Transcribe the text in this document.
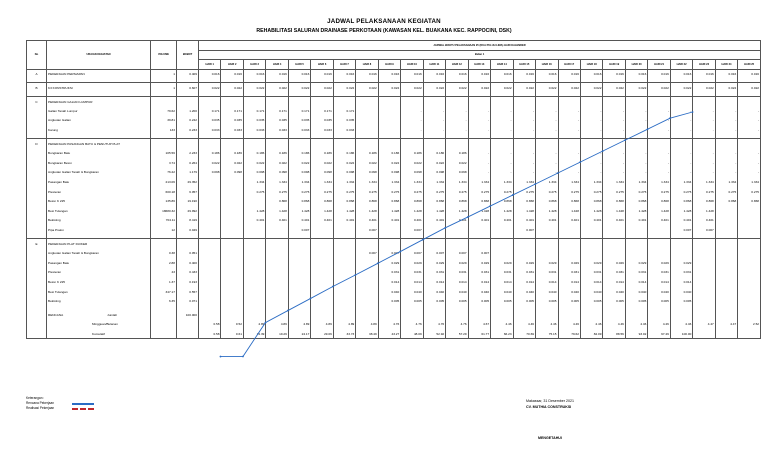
JADWAL PELAKSANAAN KEGIATAN
REHABILITASI SALURAN DRAINASE PERKOTAAN (KAWASAN KEL. BUAKANA KEC. RAPPOCINI, DSK)
No	URAIAN KEGIATAN	VOLUME	BOBOT	JADWAL WAKTU PELAKSANAAN 25 (DUA PULUH LIMA) HARI KALENDER																								
				Bulan 1																								
				HARI 1	HARI 2	HARI 3	HARI 4	HARI 5	HARI 6	HARI 7	HARI 8	HARI 9	HARI 10	HARI 11	HARI 12	HARI 13	HARI 14	HARI 15	HARI 16	HARI 17	HARI 18	HARI 19	HARI 20	HARI 21	HARI 22	HARI 23	HARI 24	HARI 25
A	PEKERJAAN PERSIAPAN	1	0.409	0.016	0.016	0.016	0.016	0.016	0.016	0.016	0.016	0.016	0.016	0.016	0.016	0.016	0.016	0.016	0.016	0.016	0.016	0.016	0.016	0.016	0.016	0.016	0.016	0.016

B	K3 KONSTRUKSI	1	0.607	0.022	0.022	0.022	0.022	0.022	0.022	0.022	0.022	0.022	0.022	0.022	0.022	0.022	0.022	0.022	0.022	0.022	0.022	0.022	0.022	0.022	0.022	0.022	0.022	0.022

C	PEKERJAAN GALIAN LUMPUR																											
	Galian Tanah Lumpur	79.62	1.200	0.171	0.171	0.171	0.171	0.171	0.171	0.171			-	-	-	-	-	-	-	-	-	-	-	-	-	-	-	-
	Angkutan Galian	39.81	0.242	0.035	0.035	0.035	0.035	0.035	0.035	0.035			-	-	-	-	-	-	-	-	-	-	-	-	-	-	-	-
	Karung	133	0.233	0.033	0.033	0.033	0.033	0.033	0.033	0.033			-	-	-	-	-	-	-	-	-	-	-	-	-	-	-	-

D	PEKERJAAN PASANGAN BATU & PENUTUP PLAT																											
	Bongkaran Batu	105.56	2.233	0.186	0.186	0.186	0.186	0.186	0.186	0.186	0.186	0.186	0.186	0.186	0.186	-	-	-	-	-	-	-	-	-	-	-	-	-
	Bongkaran Beton	3.74	0.264	0.022	0.022	0.022	0.022	0.022	0.022	0.022	0.022	0.022	0.022	0.022	0.022	-	-	-	-	-	-	-	-	-	-	-	-	-
	Angkutan Galian Tanah & Bongkaran	76.22	1.179	0.098	0.098	0.098	0.098	0.098	0.098	0.098	0.098	0.098	0.098	0.098	0.098	-	-	-	-	-	-	-	-	-	-	-	-	-
	Pasangan Batu	213.06	29.352			1.334	1.334	1.334	1.334	1.334	1.334	1.334	1.334	1.334	1.334	1.334	1.334	1.334	1.334	1.334	1.334	1.334	1.334	1.334	1.334	1.334	1.334	1.334
	Plesteran	600.18	6.057			0.275	0.275	0.275	0.275	0.275	0.275	0.275	0.275	0.275	0.275	0.275	0.275	0.275	0.275	0.275	0.275	0.275	0.275	0.275	0.275	0.275	0.275	0.275
	Beton K 225	135.86	19.190				0.868	0.868	0.868	0.868	0.868	0.868	0.868	0.868	0.868	0.868	0.868	0.868	0.868	0.868	0.868	0.868	0.868	0.868	0.868	0.868	0.868	0.868
	Besi Tulangan	18680.32	29.992			1.428	1.428	1.428	1.428	1.428	1.428	1.428	1.428	1.428	1.428	1.428	1.428	1.428	1.428	1.428	1.428	1.428	1.428	1.428	1.428	1.428		
	Bekisting	704.11	8.419			0.401	0.401	0.401	0.401	0.401	0.401	0.401	0.401	0.401	0.401	0.401	0.401	0.401	0.401	0.401	0.401	0.401	0.401	0.401	0.401	0.401		
	Pipa Pralon	12	0.049					0.007			0.007		0.007					0.007							0.007	0.007		

E	PEKERJAAN PLAT DUIKER																											
	Angkutan Galian Tanah & Bongkaran	0.38	0.051								0.007	0.007	0.007	0.007	0.007	0.007												
	Pasangan Batu	2.88	0.400									0.029	0.029	0.029	0.029	0.029	0.029	0.029	0.029	0.029	0.029	0.029	0.029	0.029	0.029			
	Plesteran	43	0.433									0.031	0.031	0.031	0.031	0.031	0.031	0.031	0.031	0.031	0.031	0.031	0.031	0.031	0.031			
	Beton K 225	1.37	0.193									0.014	0.014	0.014	0.014	0.014	0.014	0.014	0.014	0.014	0.014	0.014	0.014	0.014	0.014			
	Besi Tulangan	347.17	0.557									0.040	0.040	0.040	0.040	0.040	0.040	0.040	0.040	0.040	0.040	0.040	0.040	0.040	0.040			
	Bekisting	6.35	0.071									0.005	0.005	0.005	0.005	0.005	0.005	0.005	0.005	0.005	0.005	0.005	0.005	0.005	0.005			

	RENCANA Jumlah		100.000																									
	Mingguan/Bulanan			0.58	0.52	4.89	4.89	4.89	4.89	4.89	4.89	4.76	4.76	4.76	4.76	4.67	4.46	4.46	4.46	4.46	4.46	4.46	4.46	4.46	4.46	4.47	4.47	2.52
	Kumulatif			0.58	0.61	14.39	19.29	24.17	29.06	33.73	38.49	43.27	48.09	52.92	57.29	61.77	66.23	70.69	75.15	79.62	84.09	88.56	93.02	97.49	100.00			
Keterangan :
Rencana Pekerjaan
Realisasi Pekerjaan
Makassar, 31 Desember 2021
CV. MUTHIA CONSTRUKSI
MENGETAHUI
